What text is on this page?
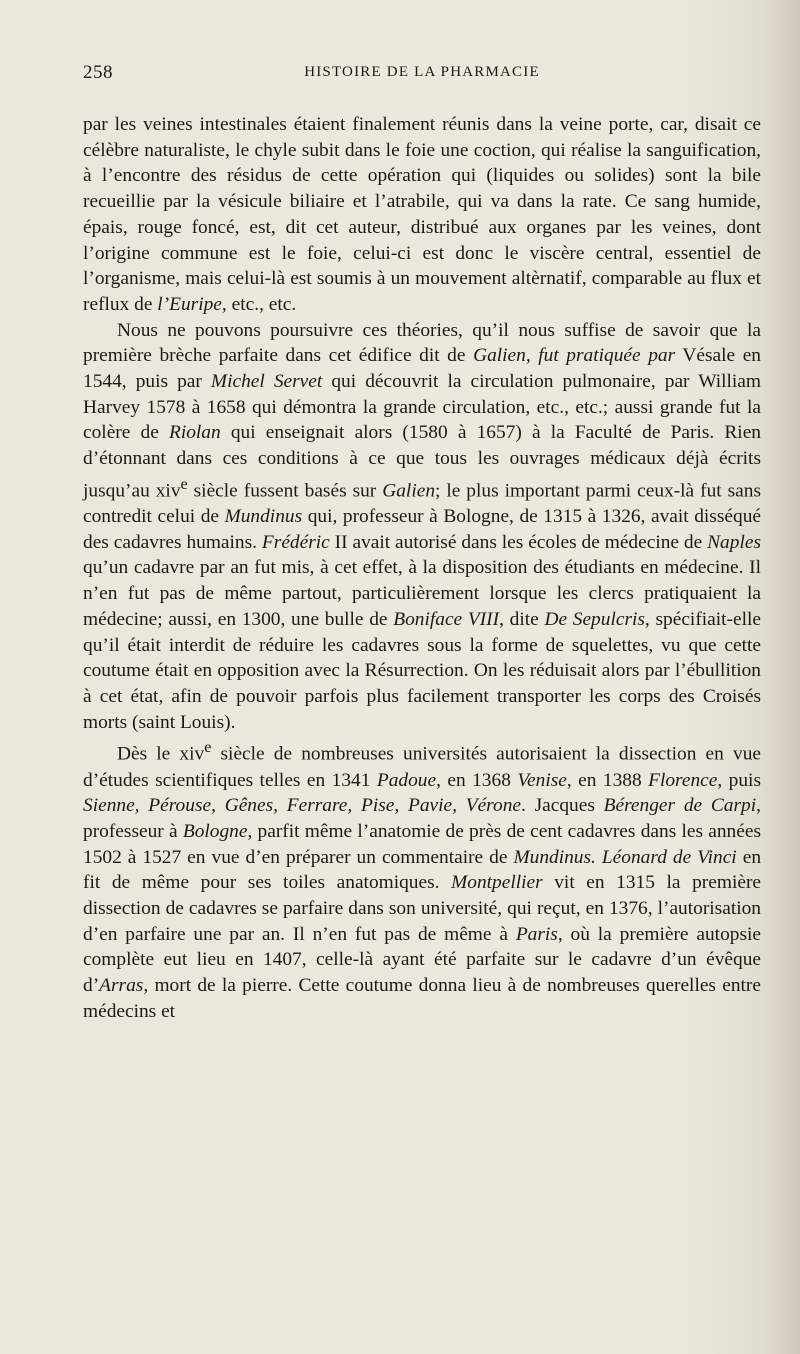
258	HISTOIRE DE LA PHARMACIE

par les veines intestinales étaient finalement réunis dans la veine porte, car, disait ce célèbre naturaliste, le chyle subit dans le foie une coction, qui réalise la sanguification, à l’encontre des résidus de cette opération qui (liquides ou solides) sont la bile recueillie par la vésicule biliaire et l’atrabile, qui va dans la rate. Ce sang humide, épais, rouge foncé, est, dit cet auteur, distribué aux organes par les veines, dont l’origine commune est le foie, celui-ci est donc le viscère central, essentiel de l’organisme, mais celui-là est soumis à un mouvement altèrnatif, comparable au flux et reflux de l’Euripe, etc., etc.

Nous ne pouvons poursuivre ces théories, qu’il nous suffise de savoir que la première brèche parfaite dans cet édifice dit de Galien, fut pratiquée par Vésale en 1544, puis par Michel Servet qui découvrit la circulation pulmonaire, par William Harvey 1578 à 1658 qui démontra la grande circulation, etc., etc.; aussi grande fut la colère de Riolan qui enseignait alors (1580 à 1657) à la Faculté de Paris. Rien d’étonnant dans ces conditions à ce que tous les ouvrages médicaux déjà écrits jusqu’au xiv$^e$ siècle fussent basés sur Galien; le plus important parmi ceux-là fut sans contredit celui de Mundinus qui, professeur à Bologne, de 1315 à 1326, avait disséqué des cadavres humains. Frédéric II avait autorisé dans les écoles de médecine de Naples qu’un cadavre par an fut mis, à cet effet, à la disposition des étudiants en médecine. Il n’en fut pas de même partout, particulièrement lorsque les clercs pratiquaient la médecine; aussi, en 1300, une bulle de Boniface VIII, dite De Sepulcris, spécifiait-elle qu’il était interdit de réduire les cadavres sous la forme de squelettes, vu que cette coutume était en opposition avec la Résurrection. On les réduisait alors par l’ébullition à cet état, afin de pouvoir parfois plus facilement transporter les corps des Croisés morts (saint Louis).

Dès le xiv$^e$ siècle de nombreuses universités autorisaient la dissection en vue d’études scientifiques telles en 1341 Padoue, en 1368 Venise, en 1388 Florence, puis Sienne, Pérouse, Gênes, Ferrare, Pise, Pavie, Vérone. Jacques Bérenger de Carpi, professeur à Bologne, parfit même l’anatomie de près de cent cadavres dans les années 1502 à 1527 en vue d’en préparer un commentaire de Mundinus. Léonard de Vinci en fit de même pour ses toiles anatomiques. Montpellier vit en 1315 la première dissection de cadavres se parfaire dans son université, qui reçut, en 1376, l’autorisation d’en parfaire une par an. Il n’en fut pas de même à Paris, où la première autopsie complète eut lieu en 1407, celle-là ayant été parfaite sur le cadavre d’un évêque d’Arras, mort de la pierre. Cette coutume donna lieu à de nombreuses querelles entre médecins et
